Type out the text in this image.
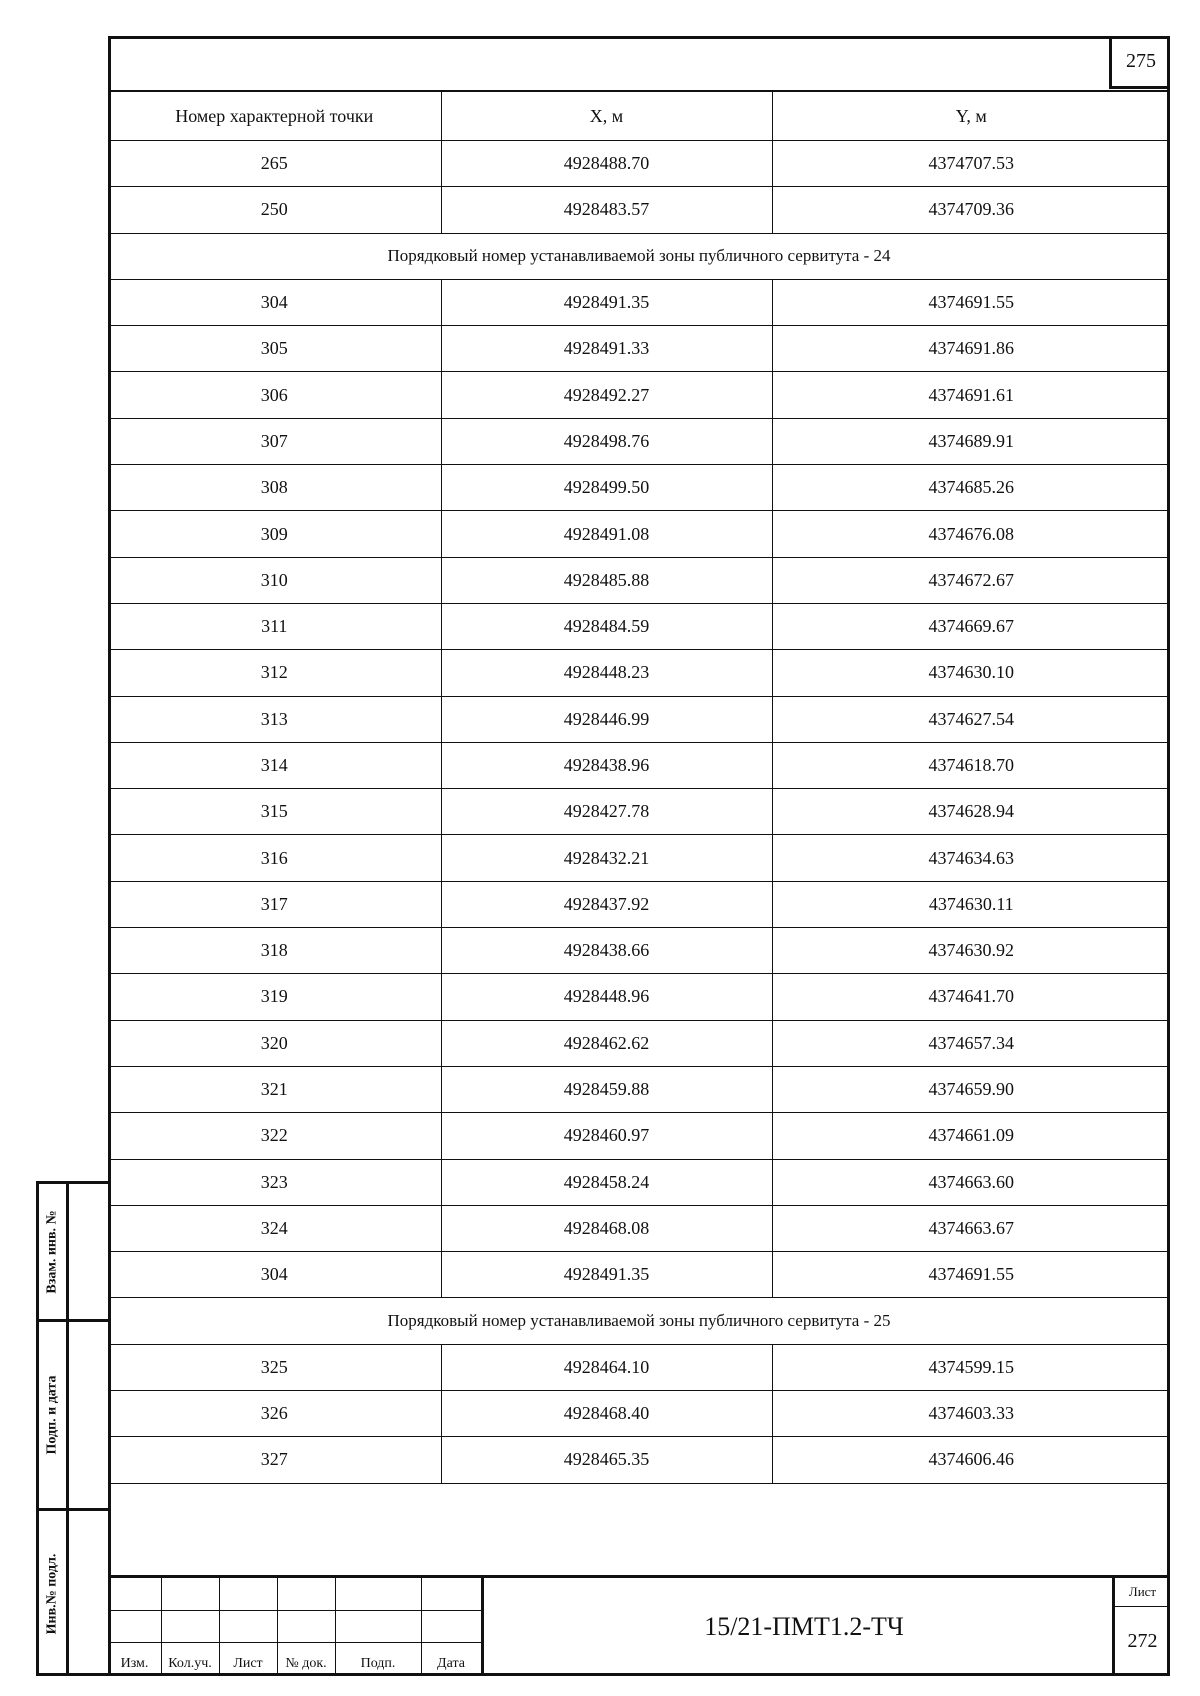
275
Номер характерной точки	X, м	Y, м
265	4928488.70	4374707.53
250	4928483.57	4374709.36
Порядковый номер устанавливаемой зоны публичного сервитута - 24		
304	4928491.35	4374691.55
305	4928491.33	4374691.86
306	4928492.27	4374691.61
307	4928498.76	4374689.91
308	4928499.50	4374685.26
309	4928491.08	4374676.08
310	4928485.88	4374672.67
311	4928484.59	4374669.67
312	4928448.23	4374630.10
313	4928446.99	4374627.54
314	4928438.96	4374618.70
315	4928427.78	4374628.94
316	4928432.21	4374634.63
317	4928437.92	4374630.11
318	4928438.66	4374630.92
319	4928448.96	4374641.70
320	4928462.62	4374657.34
321	4928459.88	4374659.90
322	4928460.97	4374661.09
323	4928458.24	4374663.60
324	4928468.08	4374663.67
304	4928491.35	4374691.55
Порядковый номер устанавливаемой зоны публичного сервитута - 25		
325	4928464.10	4374599.15
326	4928468.40	4374603.33
327	4928465.35	4374606.46
Взам. инв. №
Подп. и дата
Инв.№ подл.
Изм.	Кол.уч.	Лист	№ док.	Подп.	Дата
15/21-ПМТ1.2-ТЧ
Лист
272
